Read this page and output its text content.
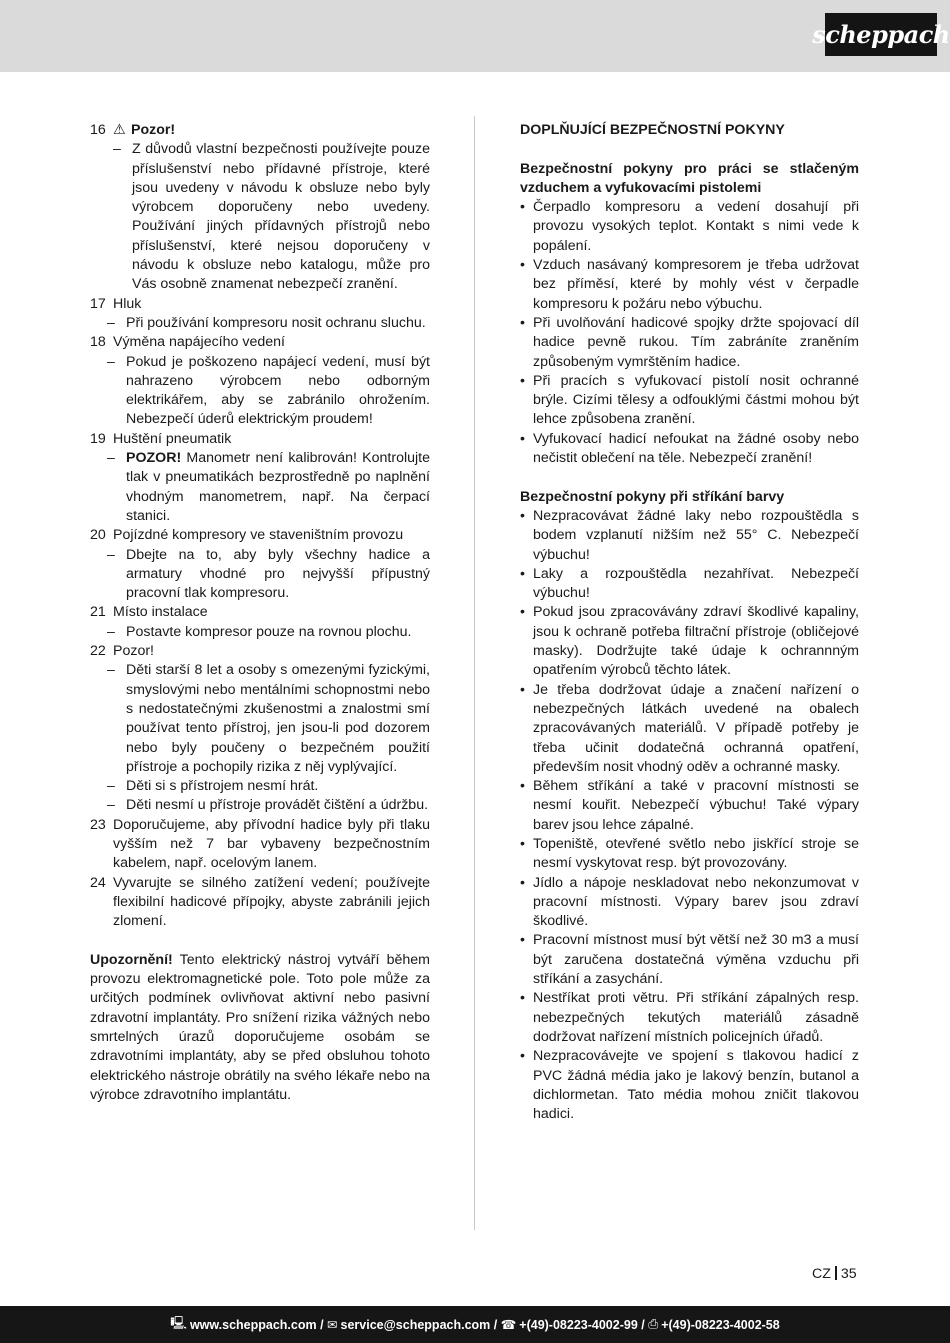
scheppach
16 ⚠ Pozor!
– Z důvodů vlastní bezpečnosti používejte pouze příslušenství nebo přídavné přístroje, které jsou uvedeny v návodu k obsluze nebo byly výrobcem doporučeny nebo uvedeny. Používání jiných přídavných přístrojů nebo příslušenství, které nejsou doporučeny v návodu k obsluze nebo katalogu, může pro Vás osobně znamenat nebezpečí zranění.
17 Hluk
– Při používání kompresoru nosit ochranu sluchu.
18 Výměna napájecího vedení
– Pokud je poškozeno napájecí vedení, musí být nahrazeno výrobcem nebo odborným elektrikářem, aby se zabránilo ohrožením. Nebezpečí úderů elektrickým proudem!
19 Huštění pneumatik
– POZOR! Manometr není kalibrován! Kontrolujte tlak v pneumatikách bezprostředně po naplnění vhodným manometrem, např. Na čerpací stanici.
20 Pojízdné kompresory ve staveništním provozu
– Dbejte na to, aby byly všechny hadice a armatury vhodné pro nejvyšší přípustný pracovní tlak kompresoru.
21 Místo instalace
– Postavte kompresor pouze na rovnou plochu.
22 Pozor!
– Děti starší 8 let a osoby s omezenými fyzickými, smyslovými nebo mentálními schopnostmi nebo s nedostatečnými zkušenostmi a znalostmi smí používat tento přístroj, jen jsou-li pod dozorem nebo byly poučeny o bezpečném použití přístroje a pochopily rizika z něj vyplývající.
– Děti si s přístrojem nesmí hrát.
– Děti nesmí u přístroje provádět čištění a údržbu.
23 Doporučujeme, aby přívodní hadice byly při tlaku vyšším než 7 bar vybaveny bezpečnostním kabelem, např. ocelovým lanem.
24 Vyvarujte se silného zatížení vedení; používejte flexibilní hadicové přípojky, abyste zabránili jejich zlomení.
Upozornění! Tento elektrický nástroj vytváří během provozu elektromagnetické pole. Toto pole může za určitých podmínek ovlivňovat aktivní nebo pasivní zdravotní implantáty. Pro snížení rizika vážných nebo smrtelných úrazů doporučujeme osobám se zdravotními implantáty, aby se před obsluhou tohoto elektrického nástroje obrátily na svého lékaře nebo na výrobce zdravotního implantátu.
DOPLŇUJÍCÍ BEZPEČNOSTNÍ POKYNY
Bezpečnostní pokyny pro práci se stlačeným vzduchem a vyfukovacími pistolemi
• Čerpadlo kompresoru a vedení dosahují při provozu vysokých teplot. Kontakt s nimi vede k popálení.
• Vzduch nasávaný kompresorem je třeba udržovat bez příměsí, které by mohly vést v čerpadle kompresoru k požáru nebo výbuchu.
• Při uvolňování hadicové spojky držte spojovací díl hadice pevně rukou. Tím zabráníte zraněním způsobeným vymrštěním hadice.
• Při pracích s vyfukovací pistolí nosit ochranné brýle. Cizími tělesy a odfouklými částmi mohou být lehce způsobena zranění.
• Vyfukovací hadicí nefoukat na žádné osoby nebo nečistit oblečení na těle. Nebezpečí zranění!
Bezpečnostní pokyny při stříkání barvy
• Nezpracovávat žádné laky nebo rozpouštědla s bodem vzplanutí nižším než 55° C. Nebezpečí výbuchu!
• Laky a rozpouštědla nezahřívat. Nebezpečí výbuchu!
• Pokud jsou zpracovávány zdraví škodlivé kapaliny, jsou k ochraně potřeba filtrační přístroje (obličejové masky). Dodržujte také údaje k ochrannným opatřením výrobců těchto látek.
• Je třeba dodržovat údaje a značení nařízení o nebezpečných látkách uvedené na obalech zpracovávaných materiálů. V případě potřeby je třeba učinit dodatečná ochranná opatření, především nosit vhodný oděv a ochranné masky.
• Během stříkání a také v pracovní místnosti se nesmí kouřit. Nebezpečí výbuchu! Také výpary barev jsou lehce zápalné.
• Topeniště, otevřené světlo nebo jiskřící stroje se nesmí vyskytovat resp. být provozovány.
• Jídlo a nápoje neskladovat nebo nekonzumovat v pracovní místnosti. Výpary barev jsou zdraví škodlivé.
• Pracovní místnost musí být větší než 30 m3 a musí být zaručena dostatečná výměna vzduchu při stříkání a zasychání.
• Nestříkat proti větru. Při stříkání zápalných resp. nebezpečných tekutých materiálů zásadně dodržovat nařízení místních policejních úřadů.
• Nezpracovávejte ve spojení s tlakovou hadicí z PVC žádná média jako je lakový benzín, butanol a dichlormetan. Tato média mohou zničit tlakovou hadici.
CZ 35
🖳 www.scheppach.com / ✉ service@scheppach.com / ☎ +(49)-08223-4002-99 / ⎙ +(49)-08223-4002-58
